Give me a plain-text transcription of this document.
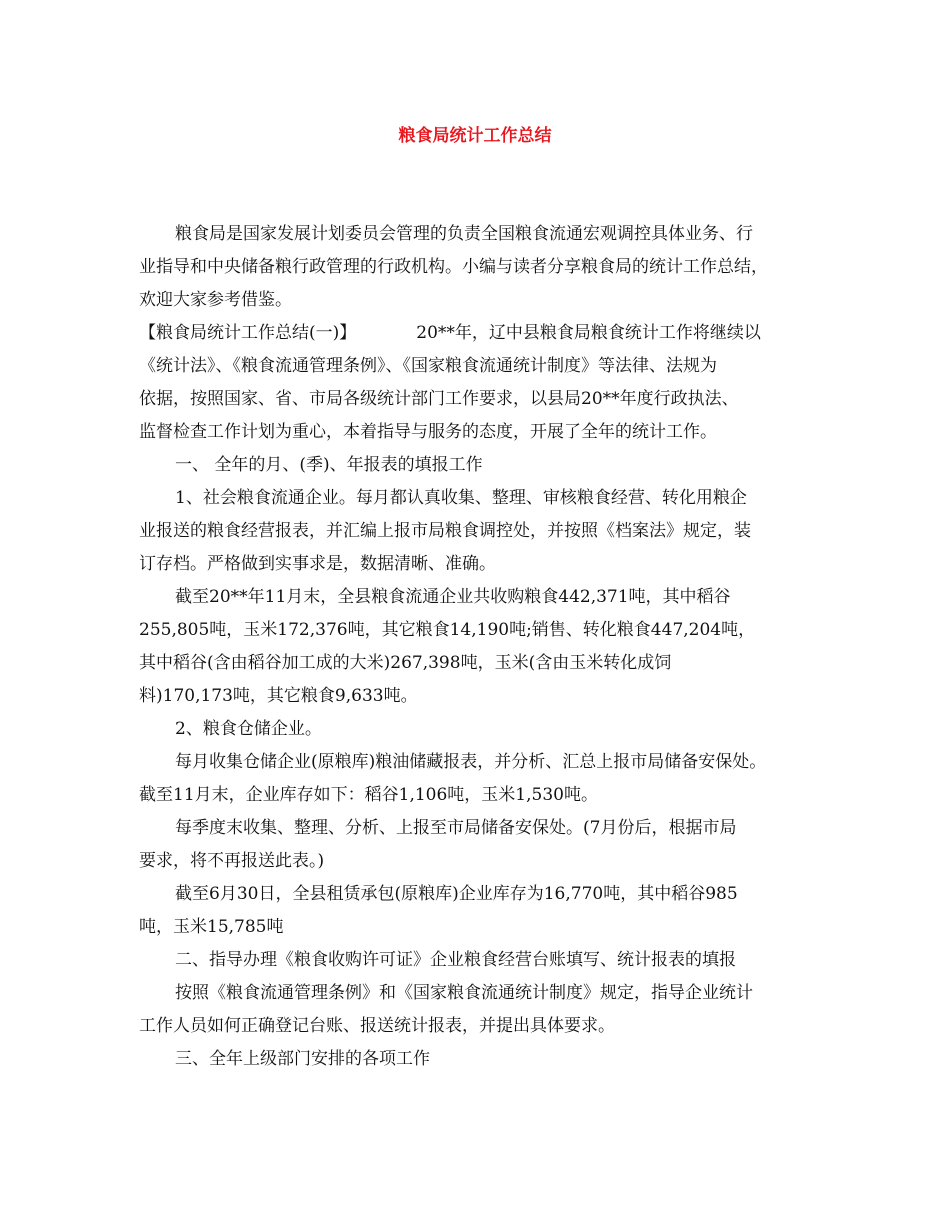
粮食局统计工作总结

粮食局是国家发展计划委员会管理的负责全国粮食流通宏观调控具体业务、行

业指导和中央储备粮行政管理的行政机构。小编与读者分享粮食局的统计工作总结，

欢迎大家参考借鉴。

【粮食局统计工作总结(一)】	20**年，辽中县粮食局粮食统计工作将继续以

《统计法》、《粮食流通管理条例》、《国家粮食流通统计制度》等法律、法规为

依据，按照国家、省、市局各级统计部门工作要求，以县局20**年度行政执法、

监督检查工作计划为重心，本着指导与服务的态度，开展了全年的统计工作。

一、 全年的月、(季)、年报表的填报工作

1、社会粮食流通企业。每月都认真收集、整理、审核粮食经营、转化用粮企

业报送的粮食经营报表，并汇编上报市局粮食调控处，并按照《档案法》规定，装

订存档。严格做到实事求是，数据清晰、准确。

截至20**年11月末，全县粮食流通企业共收购粮食442,371吨，其中稻谷

255,805吨，玉米172,376吨，其它粮食14,190吨;销售、转化粮食447,204吨，

其中稻谷(含由稻谷加工成的大米)267,398吨，玉米(含由玉米转化成饲

料)170,173吨，其它粮食9,633吨。

2、粮食仓储企业。

每月收集仓储企业(原粮库)粮油储藏报表，并分析、汇总上报市局储备安保处。

截至11月末，企业库存如下：稻谷1,106吨，玉米1,530吨。

每季度末收集、整理、分析、上报至市局储备安保处。(7月份后，根据市局

要求，将不再报送此表。)

截至6月30日，全县租赁承包(原粮库)企业库存为16,770吨，其中稻谷985

吨，玉米15,785吨

二、指导办理《粮食收购许可证》企业粮食经营台账填写、统计报表的填报

按照《粮食流通管理条例》和《国家粮食流通统计制度》规定，指导企业统计

工作人员如何正确登记台账、报送统计报表，并提出具体要求。

三、全年上级部门安排的各项工作
